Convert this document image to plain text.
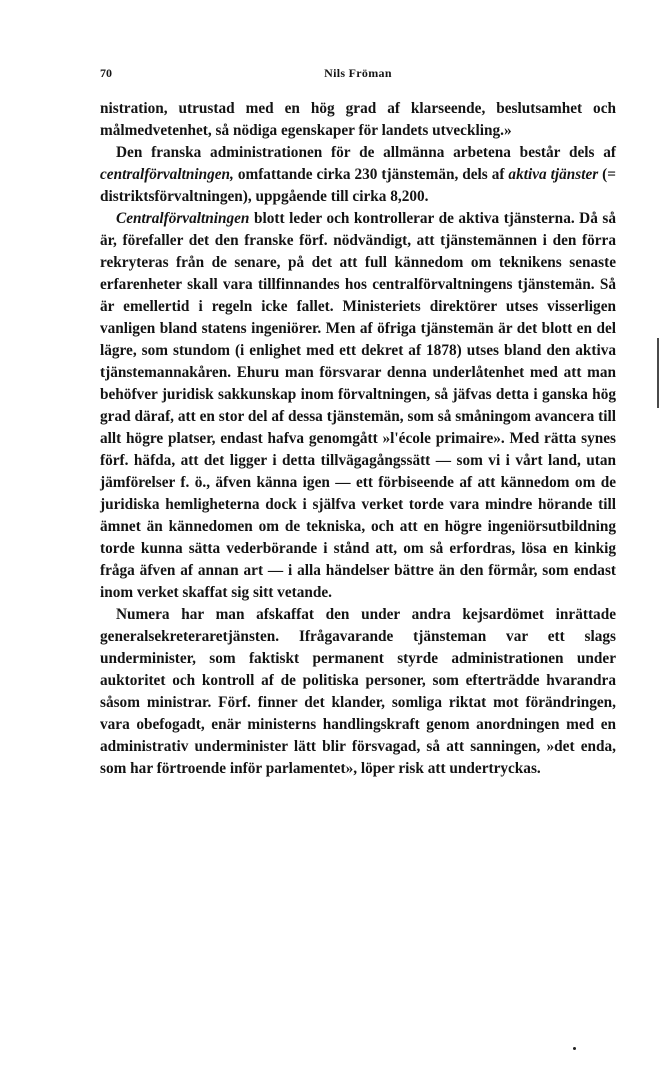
70	Nils Fröman

nistration, utrustad med en hög grad af klarseende, beslutsamhet och målmedvetenhet, så nödiga egenskaper för landets utveckling.»

Den franska administrationen för de allmänna arbetena består dels af centralförvaltningen, omfattande cirka 230 tjänstemän, dels af aktiva tjänster (= distriktsförvaltningen), uppgående till cirka 8,200.

Centralförvaltningen blott leder och kontrollerar de aktiva tjänsterna. Då så är, förefaller det den franske förf. nödvändigt, att tjänstemännen i den förra rekryteras från de senare, på det att full kännedom om teknikens senaste erfarenheter skall vara tillfinnandes hos centralförvaltningens tjänstemän. Så är emellertid i regeln icke fallet. Ministeriets direktörer utses visserligen vanligen bland statens ingeniörer. Men af öfriga tjänstemän är det blott en del lägre, som stundom (i enlighet med ett dekret af 1878) utses bland den aktiva tjänstemannakåren. Ehuru man försvarar denna underlåtenhet med att man behöfver juridisk sakkunskap inom förvaltningen, så jäfvas detta i ganska hög grad däraf, att en stor del af dessa tjänstemän, som så småningom avancera till allt högre platser, endast hafva genomgått »l'école primaire». Med rätta synes förf. häfda, att det ligger i detta tillvägagångssätt — som vi i vårt land, utan jämförelser f. ö., äfven känna igen — ett förbiseende af att kännedom om de juridiska hemligheterna dock i själfva verket torde vara mindre hörande till ämnet än kännedomen om de tekniska, och att en högre ingeniörsutbildning torde kunna sätta vederbörande i stånd att, om så erfordras, lösa en kinkig fråga äfven af annan art — i alla händelser bättre än den förmår, som endast inom verket skaffat sig sitt vetande.

Numera har man afskaffat den under andra kejsardömet inrättade generalsekreteraretjänsten. Ifrågavarande tjänsteman var ett slags underminister, som faktiskt permanent styrde administrationen under auktoritet och kontroll af de politiska personer, som efterträdde hvarandra såsom ministrar. Förf. finner det klander, somliga riktat mot förändringen, vara obefogadt, enär ministerns handlingskraft genom anordningen med en administrativ underminister lätt blir försvagad, så att sanningen, »det enda, som har förtroende inför parlamentet», löper risk att undertryckas.
